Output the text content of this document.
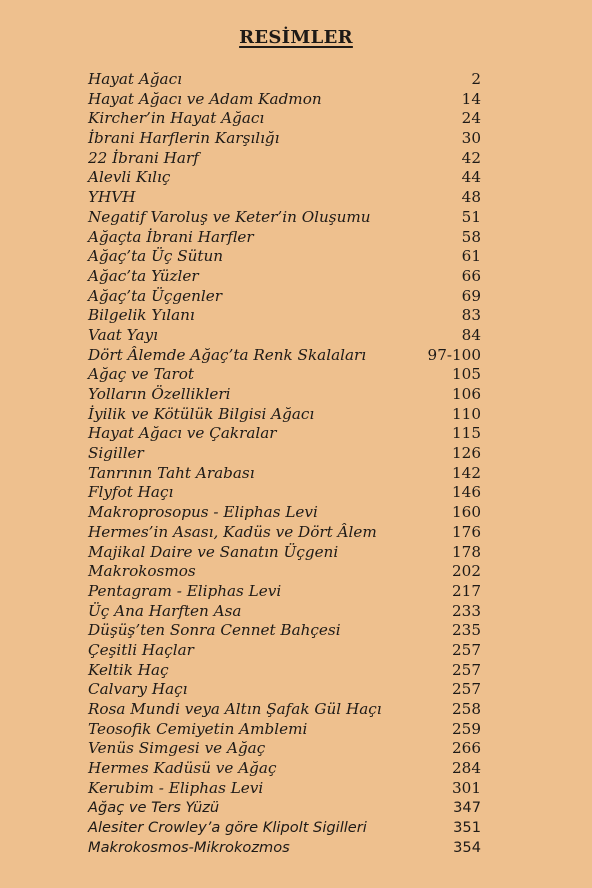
RESİMLER
Hayat Ağacı	2
Hayat Ağacı ve Adam Kadmon	14
Kircher’in Hayat Ağacı	24
İbrani Harflerin Karşılığı	30
22 İbrani Harf	42
Alevli Kılıç	44
YHVH	48
Negatif Varoluş ve Keter’in Oluşumu	51
Ağaçta İbrani Harfler	58
Ağaç’ta Üç Sütun	61
Ağac’ta Yüzler	66
Ağaç’ta Üçgenler	69
Bilgelik Yılanı	83
Vaat Yayı	84
Dört Âlemde Ağaç’ta Renk Skalaları	97-100
Ağaç ve Tarot	105
Yolların Özellikleri	106
İyilik ve Kötülük Bilgisi Ağacı	110
Hayat Ağacı ve Çakralar	115
Sigiller	126
Tanrının Taht Arabası	142
Flyfot Haçı	146
Makroprosopus - Eliphas Levi	160
Hermes’in Asası, Kadüs ve Dört Âlem	176
Majikal Daire ve Sanatın Üçgeni	178
Makrokosmos	202
Pentagram - Eliphas Levi	217
Üç Ana Harften Asa	233
Düşüş’ten Sonra Cennet Bahçesi	235
Çeşitli Haçlar	257
Keltik Haç	257
Calvary Haçı	257
Rosa Mundi veya Altın Şafak Gül Haçı	258
Teosofik Cemiyetin Amblemi	259
Venüs Simgesi ve Ağaç	266
Hermes Kadüsü ve Ağaç	284
Kerubim - Eliphas Levi	301
Ağaç ve Ters Yüzü	347
Alesiter Crowley’a göre Klipolt Sigilleri	351
Makrokosmos-Mikrokozmos	354
